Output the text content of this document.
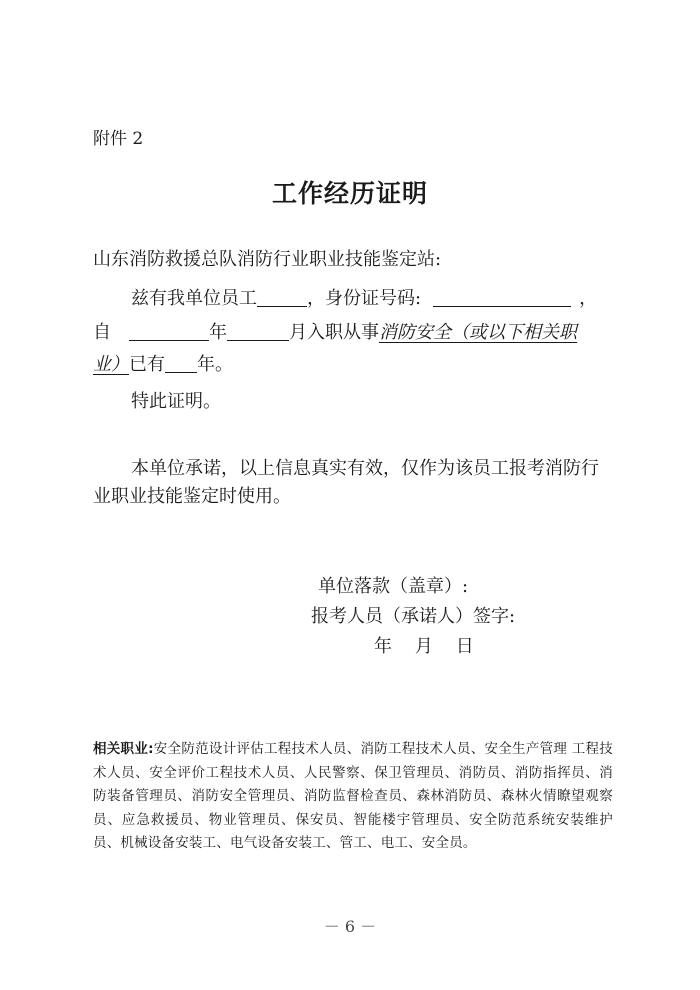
附件 2
工作经历证明
山东消防救援总队消防行业职业技能鉴定站:
兹有我单位员工	，身份证号码:	，
自	年	月入职从事消防安全（或以下相关职
业）已有 年。
特此证明。
本单位承诺，以上信息真实有效，仅作为该员工报考消防行
业职业技能鉴定时使用。
单位落款（盖章）:
报考人员（承诺人）签字:
年    月    日
相关职业:安全防范设计评估工程技术人员、消防工程技术人员、安全生产管理 工程技术人员、安全评价工程技术人员、人民警察、保卫管理员、消防员、消防指挥员、消防装备管理员、消防安全管理员、消防监督检查员、森林消防员、森林火情瞭望观察员、应急救援员、物业管理员、保安员、智能楼宇管理员、安全防范系统安装维护员、机械设备安装工、电气设备安装工、管工、电工、安全员。
－ 6 －
